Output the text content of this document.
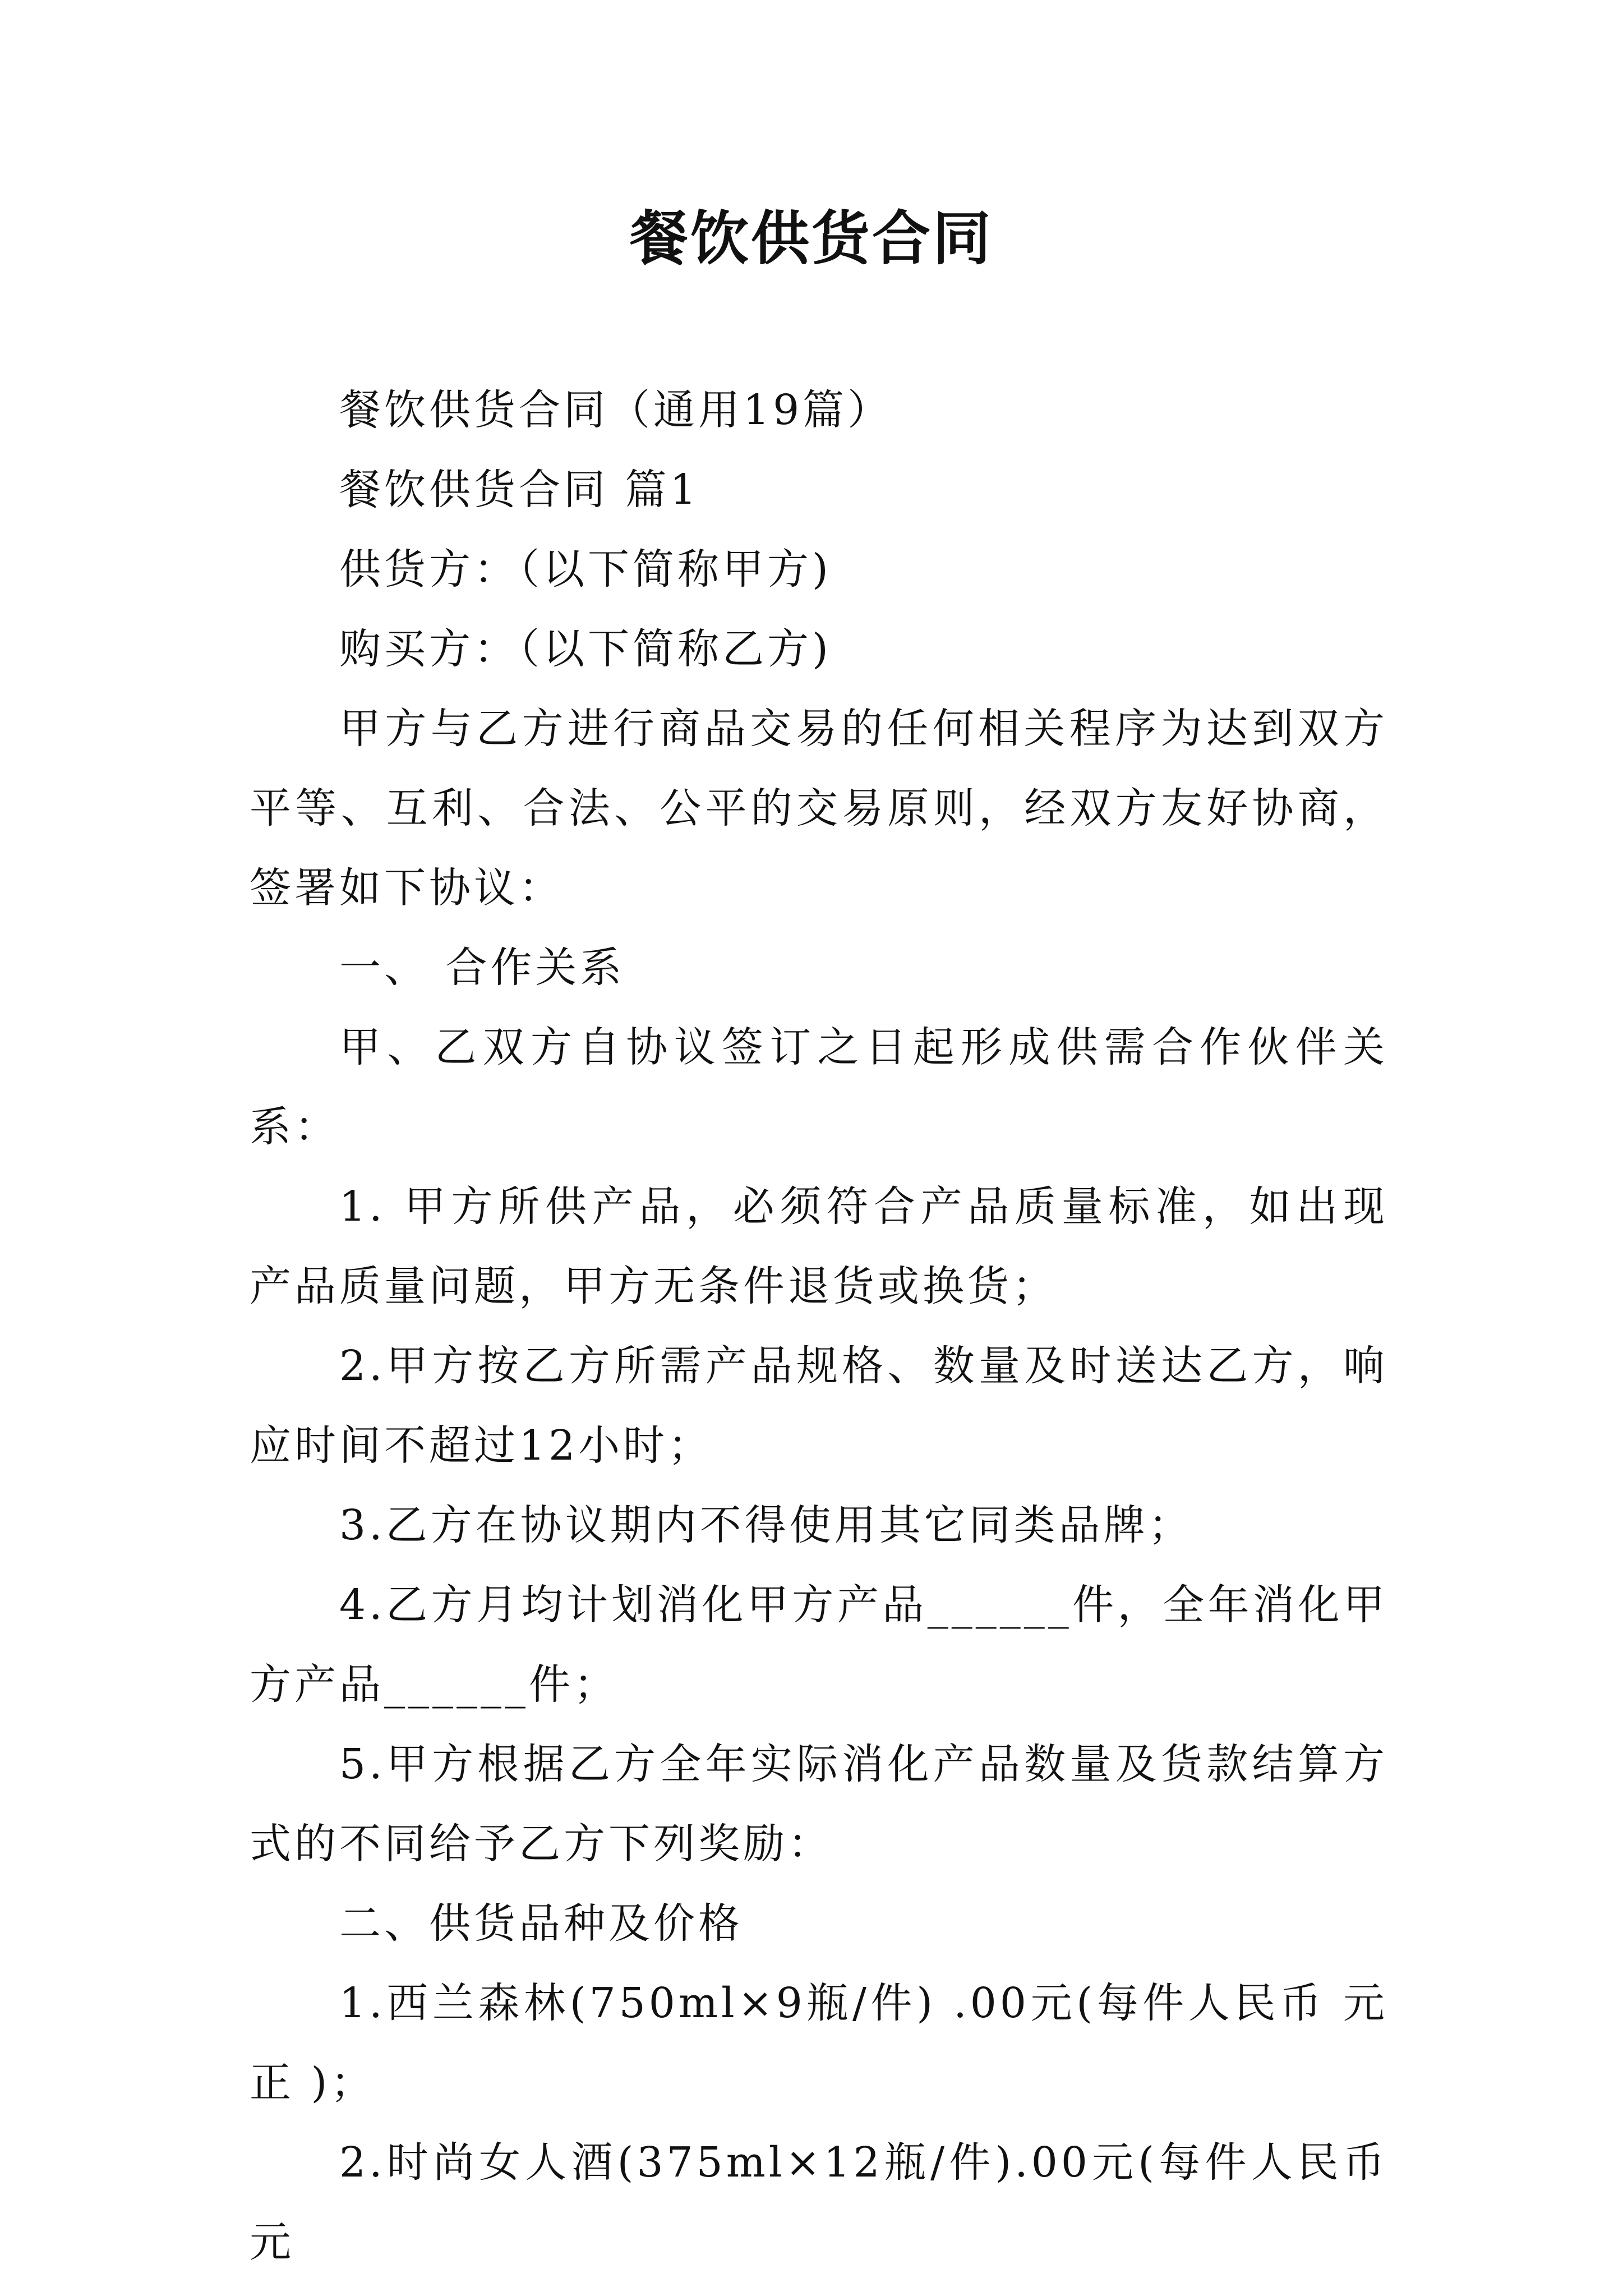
餐饮供货合同

餐饮供货合同（通用19篇）

餐饮供货合同 篇1

供货方：（以下简称甲方)

购买方：（以下简称乙方)

甲方与乙方进行商品交易的任何相关程序为达到双方平等、互利、合法、公平的交易原则，经双方友好协商，签署如下协议：

一、 合作关系

甲、乙双方自协议签订之日起形成供需合作伙伴关系：

1. 甲方所供产品，必须符合产品质量标准，如出现产品质量问题，甲方无条件退货或换货；

2.甲方按乙方所需产品规格、数量及时送达乙方，响应时间不超过12小时；

3.乙方在协议期内不得使用其它同类品牌；

4.乙方月均计划消化甲方产品______件，全年消化甲方产品______件；

5.甲方根据乙方全年实际消化产品数量及货款结算方式的不同给予乙方下列奖励：

二、供货品种及价格

1.西兰森林(750ml×9瓶/件) .00元(每件人民币 元正 )；

2.时尚女人酒(375ml×12瓶/件).00元(每件人民币 元
